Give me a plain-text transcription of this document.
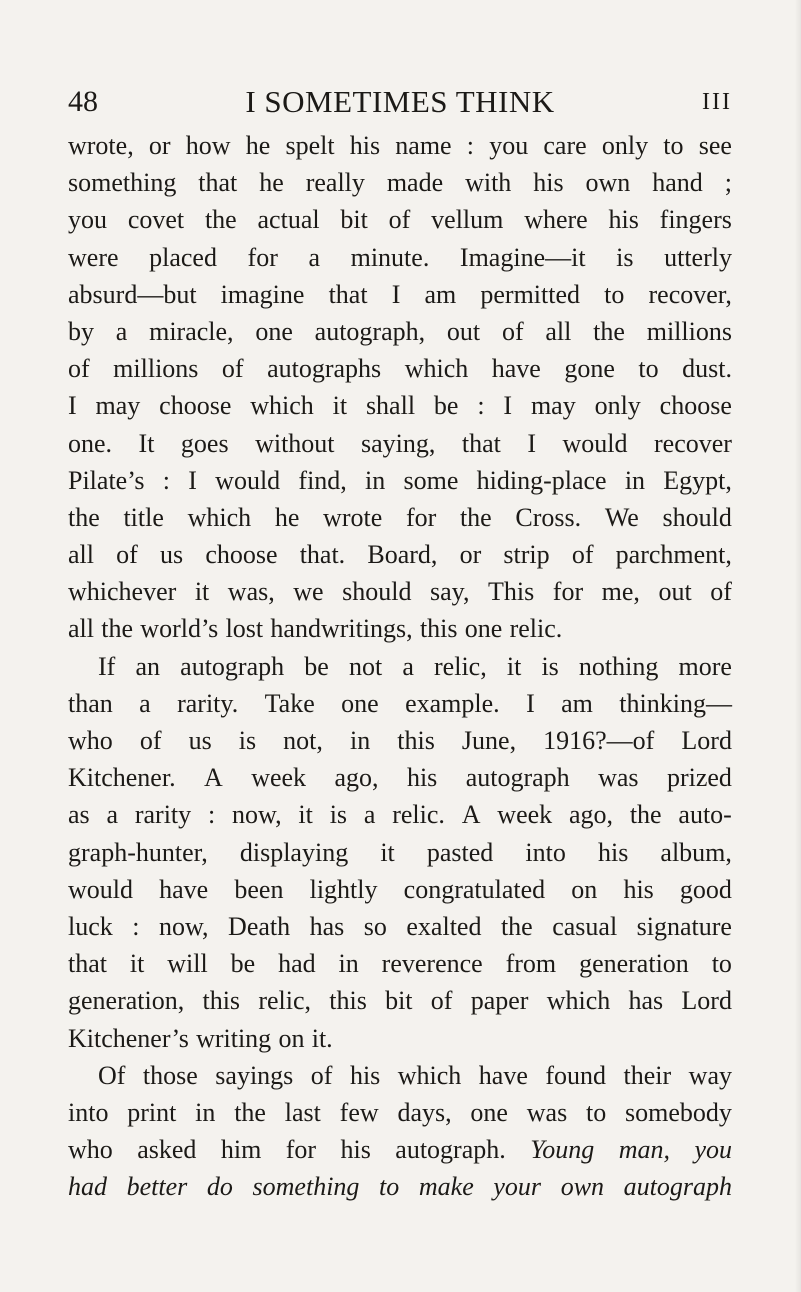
48	I SOMETIMES THINK	III
wrote, or how he spelt his name : you care only to see
something that he really made with his own hand ;
you covet the actual bit of vellum where his fingers
were placed for a minute. Imagine—it is utterly
absurd—but imagine that I am permitted to recover,
by a miracle, one autograph, out of all the millions
of millions of autographs which have gone to dust.
I may choose which it shall be : I may only choose
one. It goes without saying, that I would recover
Pilate’s : I would find, in some hiding-place in Egypt,
the title which he wrote for the Cross. We should
all of us choose that. Board, or strip of parchment,
whichever it was, we should say, This for me, out of
all the world’s lost handwritings, this one relic.
If an autograph be not a relic, it is nothing more
than a rarity. Take one example. I am thinking—
who of us is not, in this June, 1916?—of Lord
Kitchener. A week ago, his autograph was prized
as a rarity : now, it is a relic. A week ago, the auto-
graph-hunter, displaying it pasted into his album,
would have been lightly congratulated on his good
luck : now, Death has so exalted the casual signature
that it will be had in reverence from generation to
generation, this relic, this bit of paper which has Lord
Kitchener’s writing on it.
Of those sayings of his which have found their way
into print in the last few days, one was to somebody
who asked him for his autograph. Young man, you
had better do something to make your own autograph
